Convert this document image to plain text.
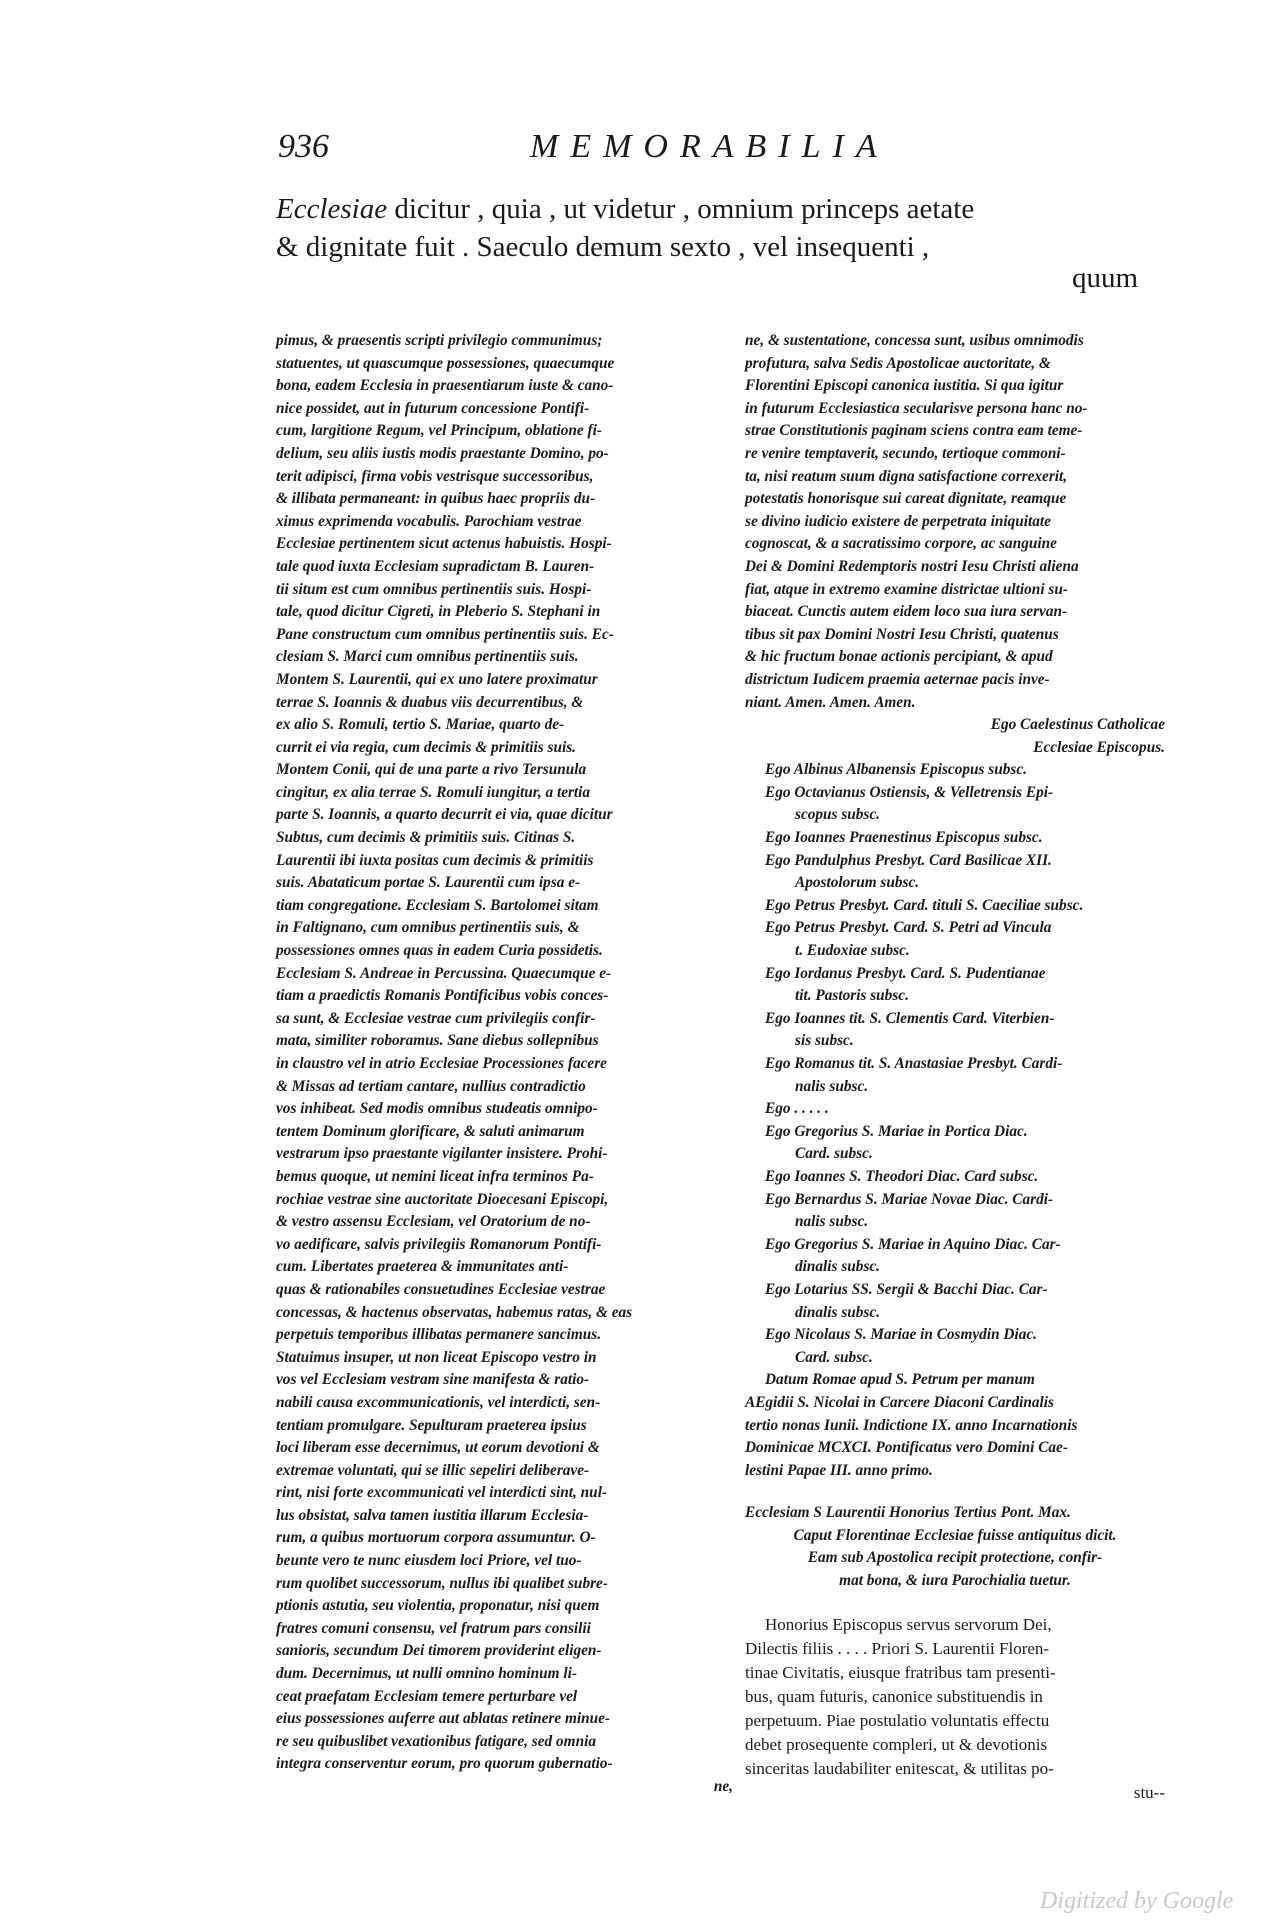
936	MEMORABILIA
Ecclesiae dicitur , quia , ut videtur , omnium princeps aetate
& dignitate fuit . Saeculo demum sexto , vel insequenti ,
quum
pimus, & praesentis scripti privilegio communimus;
statuentes, ut quascumque possessiones, quaecumque
bona, eadem Ecclesia in praesentiarum iuste & cano-
nice possidet, aut in futurum concessione Pontifi-
cum, largitione Regum, vel Principum, oblatione fi-
delium, seu aliis iustis modis praestante Domino, po-
terit adipisci, firma vobis vestrisque successoribus,
& illibata permaneant: in quibus haec propriis du-
ximus exprimenda vocabulis. Parochiam vestrae
Ecclesiae pertinentem sicut actenus habuistis. Hospi-
tale quod iuxta Ecclesiam supradictam B. Lauren-
tii situm est cum omnibus pertinentiis suis. Hospi-
tale, quod dicitur Cigreti, in Pleberio S. Stephani in
Pane constructum cum omnibus pertinentiis suis. Ec-
clesiam S. Marci cum omnibus pertinentiis suis.
Montem S. Laurentii, qui ex uno latere proximatur
terrae S. Ioannis & duabus viis decurrentibus, &
ex alio S. Romuli, tertio S. Mariae, quarto de-
currit ei via regia, cum decimis & primitiis suis.
Montem Conii, qui de una parte a rivo Tersunula
cingitur, ex alia terrae S. Romuli iungitur, a tertia
parte S. Ioannis, a quarto decurrit ei via, quae dicitur
Subtus, cum decimis & primitiis suis. Citinas S.
Laurentii ibi iuxta positas cum decimis & primitiis
suis. Abataticum portae S. Laurentii cum ipsa e-
tiam congregatione. Ecclesiam S. Bartolomei sitam
in Faltignano, cum omnibus pertinentiis suis, &
possessiones omnes quas in eadem Curia possidetis.
Ecclesiam S. Andreae in Percussina. Quaecumque e-
tiam a praedictis Romanis Pontificibus vobis conces-
sa sunt, & Ecclesiae vestrae cum privilegiis confir-
mata, similiter roboramus. Sane diebus sollepnibus
in claustro vel in atrio Ecclesiae Processiones facere
& Missas ad tertiam cantare, nullius contradictio
vos inhibeat. Sed modis omnibus studeatis omnipo-
tentem Dominum glorificare, & saluti animarum
vestrarum ipso praestante vigilanter insistere. Prohi-
bemus quoque, ut nemini liceat infra terminos Pa-
rochiae vestrae sine auctoritate Dioecesani Episcopi,
& vestro assensu Ecclesiam, vel Oratorium de no-
vo aedificare, salvis privilegiis Romanorum Pontifi-
cum. Libertates praeterea & immunitates anti-
quas & rationabiles consuetudines Ecclesiae vestrae
concessas, & hactenus observatas, habemus ratas, & eas
perpetuis temporibus illibatas permanere sancimus.
Statuimus insuper, ut non liceat Episcopo vestro in
vos vel Ecclesiam vestram sine manifesta & ratio-
nabili causa excommunicationis, vel interdicti, sen-
tentiam promulgare. Sepulturam praeterea ipsius
loci liberam esse decernimus, ut eorum devotioni &
extremae voluntati, qui se illic sepeliri deliberave-
rint, nisi forte excommunicati vel interdicti sint, nul-
lus obsistat, salva tamen iustitia illarum Ecclesia-
rum, a quibus mortuorum corpora assumuntur. O-
beunte vero te nunc eiusdem loci Priore, vel tuo-
rum quolibet successorum, nullus ibi qualibet subre-
ptionis astutia, seu violentia, proponatur, nisi quem
fratres comuni consensu, vel fratrum pars consilii
sanioris, secundum Dei timorem providerint eligen-
dum. Decernimus, ut nulli omnino hominum li-
ceat praefatam Ecclesiam temere perturbare vel
eius possessiones auferre aut ablatas retinere minue-
re seu quibuslibet vexationibus fatigare, sed omnia
integra conserventur eorum, pro quorum gubernatio-
ne,
ne, & sustentatione, concessa sunt, usibus omnimodis
profutura, salva Sedis Apostolicae auctoritate, &
Florentini Episcopi canonica iustitia. Si qua igitur
in futurum Ecclesiastica secularisve persona hanc no-
strae Constitutionis paginam sciens contra eam teme-
re venire temptaverit, secundo, tertioque commoni-
ta, nisi reatum suum digna satisfactione correxerit,
potestatis honorisque sui careat dignitate, reamque
se divino iudicio existere de perpetrata iniquitate
cognoscat, & a sacratissimo corpore, ac sanguine
Dei & Domini Redemptoris nostri Iesu Christi aliena
fiat, atque in extremo examine districtae ultioni su-
biaceat. Cunctis autem eidem loco sua iura servan-
tibus sit pax Domini Nostri Iesu Christi, quatenus
& hic fructum bonae actionis percipiant, & apud
districtum Iudicem praemia aeternae pacis inve-
niant. Amen. Amen. Amen.
Ego Caelestinus Catholicae
Ecclesiae Episcopus.
Ego Albinus Albanensis Episcopus subsc.
Ego Octavianus Ostiensis, & Velletrensis Epi-
scopus subsc.
Ego Ioannes Praenestinus Episcopus subsc.
Ego Pandulphus Presbyt. Card Basilicae XII.
Apostolorum subsc.
Ego Petrus Presbyt. Card. tituli S. Caeciliae subsc.
Ego Petrus Presbyt. Card. S. Petri ad Vincula
t. Eudoxiae subsc.
Ego Iordanus Presbyt. Card. S. Pudentianae
tit. Pastoris subsc.
Ego Ioannes tit. S. Clementis Card. Viterbien-
sis subsc.
Ego Romanus tit. S. Anastasiae Presbyt. Cardi-
nalis subsc.
Ego . . . . .
Ego Gregorius S. Mariae in Portica Diac.
Card. subsc.
Ego Ioannes S. Theodori Diac. Card subsc.
Ego Bernardus S. Mariae Novae Diac. Cardi-
nalis subsc.
Ego Gregorius S. Mariae in Aquino Diac. Car-
dinalis subsc.
Ego Lotarius SS. Sergii & Bacchi Diac. Car-
dinalis subsc.
Ego Nicolaus S. Mariae in Cosmydin Diac.
Card. subsc.
Datum Romae apud S. Petrum per manum
AEgidii S. Nicolai in Carcere Diaconi Cardinalis
tertio nonas Iunii. Indictione IX. anno Incarnationis
Dominicae MCXCI. Pontificatus vero Domini Cae-
lestini Papae III. anno primo.
Ecclesiam S Laurentii Honorius Tertius Pont. Max.
Caput Florentinae Ecclesiae fuisse antiquitus dicit.
Eam sub Apostolica recipit protectione, confir-
mat bona, & iura Parochialia tuetur.
Honorius Episcopus servus servorum Dei,
Dilectis filiis . . . . Priori S. Laurentii Floren-
tinae Civitatis, eiusque fratribus tam presenti-
bus, quam futuris, canonice substituendis in
perpetuum. Piae postulatio voluntatis effectu
debet prosequente compleri, ut & devotionis
sinceritas laudabiliter enitescat, & utilitas po-
stu--
Digitized by Google
